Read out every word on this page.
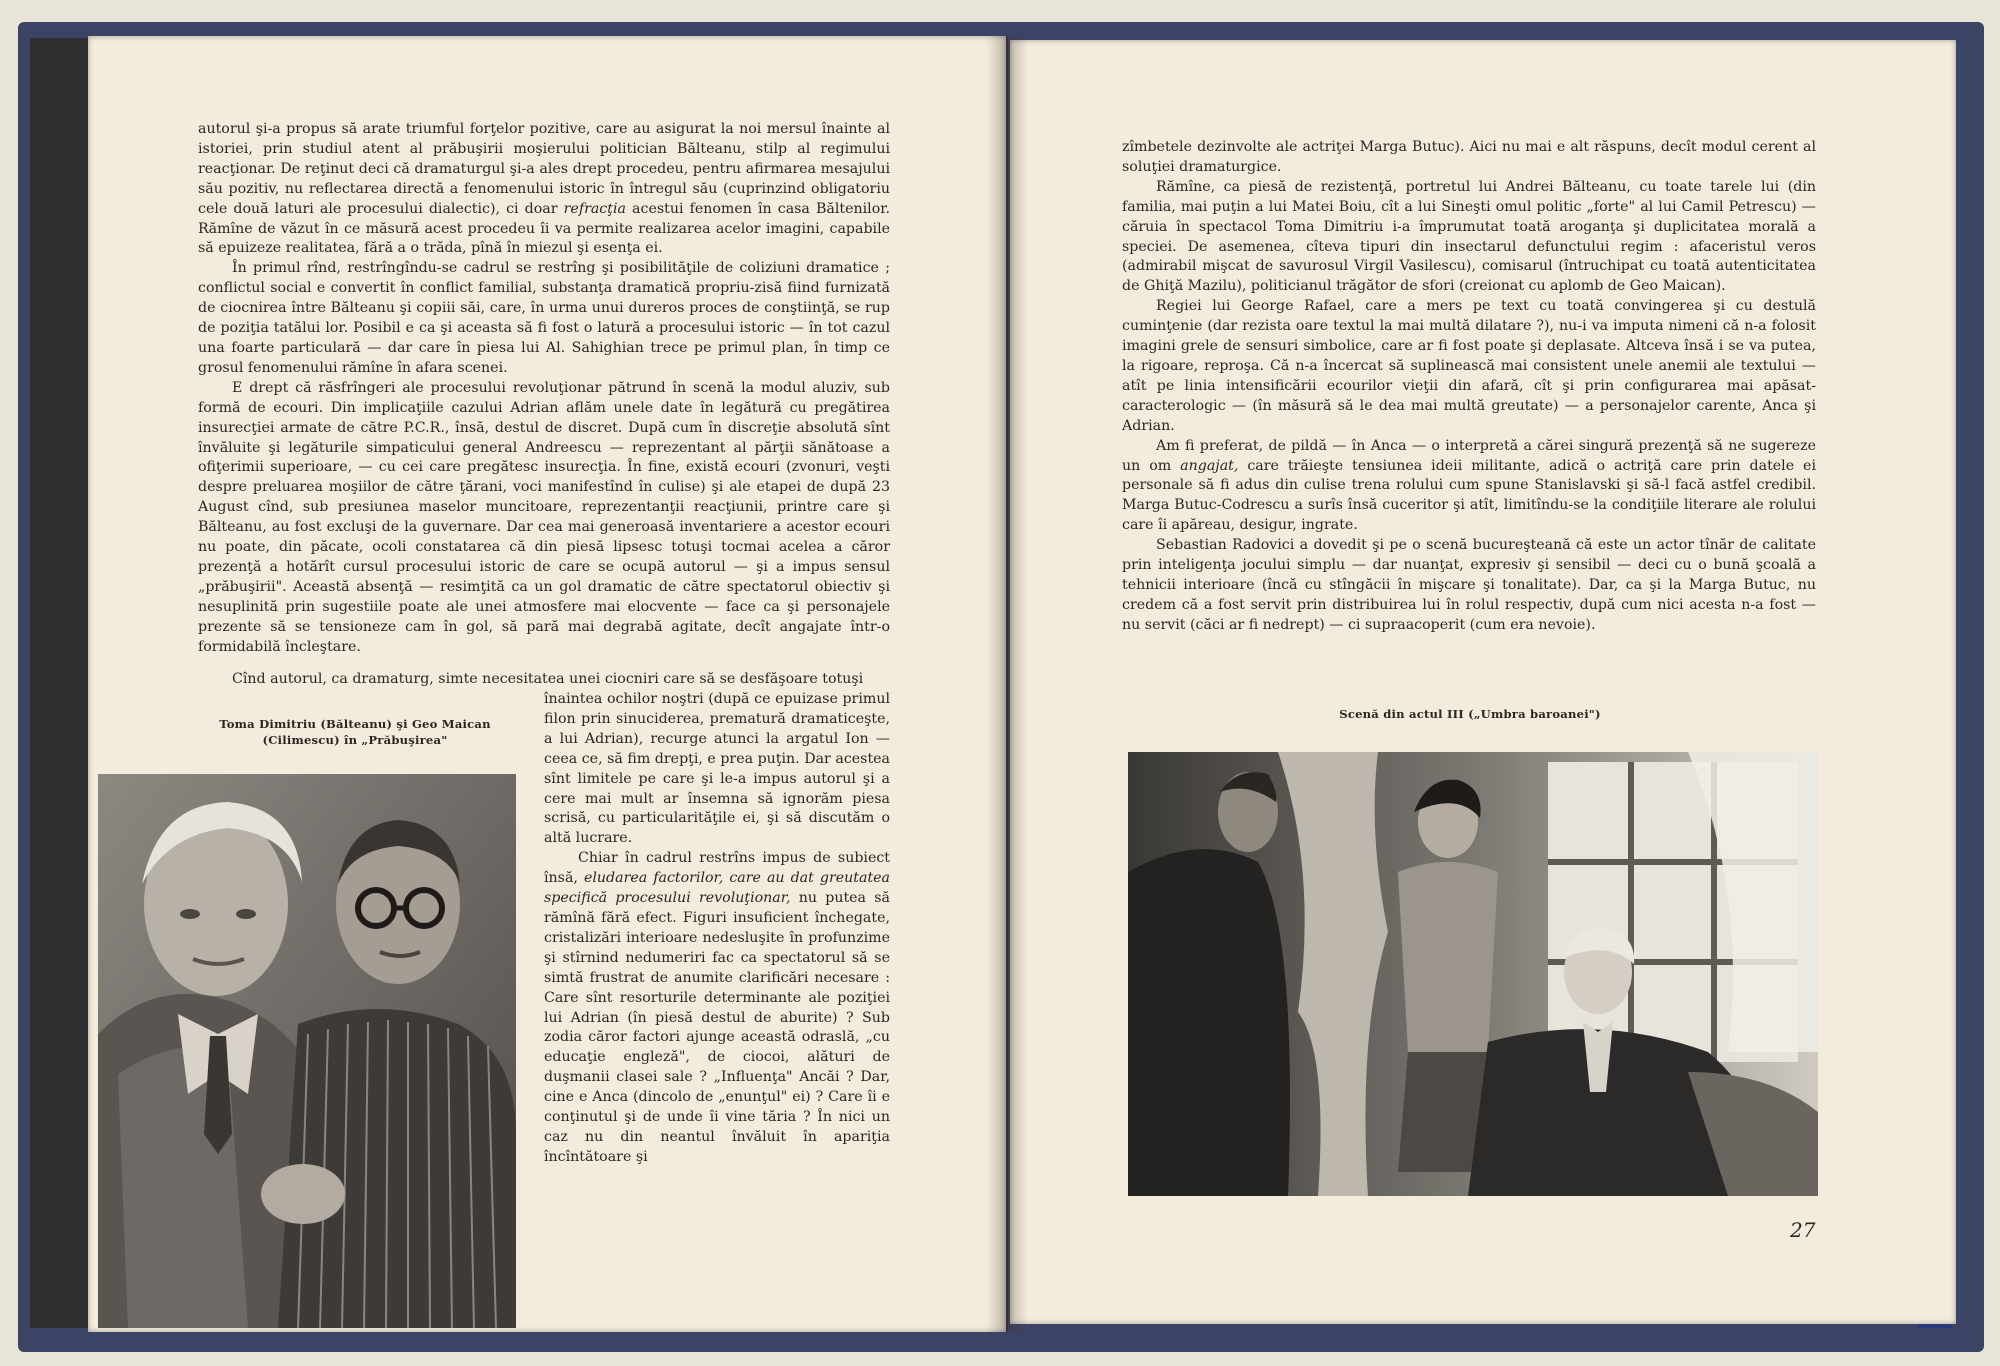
autorul şi-a propus să arate triumful forţelor pozitive, care au asigurat la noi mersul înainte al istoriei, prin studiul atent al prăbuşirii moşierului politician Bălteanu, stilp al regimului reacţionar. De reţinut deci că dramaturgul şi-a ales drept procedeu, pentru afirmarea mesajului său pozitiv, nu reflectarea directă a fenomenului istoric în întregul său (cuprinzind obligatoriu cele două laturi ale procesului dialectic), ci doar refracţia acestui fenomen în casa Băltenilor. Rămîne de văzut în ce măsură acest procedeu îi va permite realizarea acelor imagini, capabile să epuizeze realitatea, fără a o trăda, pînă în miezul şi esenţa ei.

În primul rînd, restrîngîndu-se cadrul se restrîng şi posibilităţile de coliziuni dramatice ; conflictul social e convertit în conflict familial, substanţa dramatică propriu-zisă fiind furnizată de ciocnirea între Bălteanu şi copiii săi, care, în urma unui dureros proces de conştiinţă, se rup de poziţia tatălui lor. Posibil e ca şi aceasta să fi fost o latură a procesului istoric — în tot cazul una foarte particulară — dar care în piesa lui Al. Sahighian trece pe primul plan, în timp ce grosul fenomenului rămîne în afara scenei.

E drept că răsfrîngeri ale procesului revoluţionar pătrund în scenă la modul aluziv, sub formă de ecouri. Din implicaţiile cazului Adrian aflăm unele date în legătură cu pregătirea insurecţiei armate de către P.C.R., însă, destul de discret. După cum în discreţie absolută sînt învăluite şi legăturile simpaticului general Andreescu — reprezentant al părţii sănătoase a ofiţerimii superioare, — cu cei care pregătesc insurecţia. În fine, există ecouri (zvonuri, veşti despre preluarea moşiilor de către ţărani, voci manifestînd în culise) şi ale etapei de după 23 August cînd, sub presiunea maselor muncitoare, reprezentanţii reacţiunii, printre care şi Bălteanu, au fost excluşi de la guvernare. Dar cea mai generoasă inventariere a acestor ecouri nu poate, din păcate, ocoli constatarea că din piesă lipsesc totuşi tocmai acelea a căror prezenţă a hotărît cursul procesului istoric de care se ocupă autorul — şi a impus sensul „prăbuşirii". Această absenţă — resimţită ca un gol dramatic de către spectatorul obiectiv şi nesuplinită prin sugestiile poate ale unei atmosfere mai elocvente — face ca şi personajele prezente să se tensioneze cam în gol, să pară mai degrabă agitate, decît angajate într-o formidabilă încleştare.

Cînd autorul, ca dramaturg, simte necesitatea unei ciocniri care să se desfăşoare totuşi

înaintea ochilor noştri (după ce epuizase primul filon prin sinuciderea, prematură dramaticeşte, a lui Adrian), recurge atunci la argatul Ion — ceea ce, să fim drepţi, e prea puţin. Dar acestea sînt limitele pe care şi le-a impus autorul şi a cere mai mult ar însemna să ignorăm piesa scrisă, cu particularităţile ei, şi să discutăm o altă lucrare.

Chiar în cadrul restrîns impus de subiect însă, eludarea factorilor, care au dat greutatea specifică procesului revoluţionar, nu putea să rămînă fără efect. Figuri insuficient închegate, cristalizări interioare nedesluşite în profunzime şi stîrnind nedumeriri fac ca spectatorul să se simtă frustrat de anumite clarificări necesare : Care sînt resorturile determinante ale poziţiei lui Adrian (în piesă destul de aburite) ? Sub zodia căror factori ajunge această odraslă, „cu educaţie engleză", de ciocoi, alături de duşmanii clasei sale ? „Influenţa" Ancăi ? Dar, cine e Anca (dincolo de „enunţul" ei) ? Care îi e conţinutul şi de unde îi vine tăria ? În nici un caz nu din neantul învăluit în apariţia încîntătoare şi

Toma Dimitriu (Bălteanu) şi Geo Maican (Cilimescu) în „Prăbuşirea"

zîmbetele dezinvolte ale actriţei Marga Butuc). Aici nu mai e alt răspuns, decît modul cerent al soluţiei dramaturgice.

Rămîne, ca piesă de rezistenţă, portretul lui Andrei Bălteanu, cu toate tarele lui (din familia, mai puţin a lui Matei Boiu, cît a lui Sineşti omul politic „forte" al lui Camil Petrescu) — căruia în spectacol Toma Dimitriu i-a împrumutat toată aroganţa şi duplicitatea morală a speciei. De asemenea, cîteva tipuri din insectarul defunctului regim : afaceristul veros (admirabil mişcat de savurosul Virgil Vasilescu), comisarul (întruchipat cu toată autenticitatea de Ghiţă Mazilu), politicianul trăgător de sfori (creionat cu aplomb de Geo Maican).

Regiei lui George Rafael, care a mers pe text cu toată convingerea şi cu destulă cuminţenie (dar rezista oare textul la mai multă dilatare ?), nu-i va imputa nimeni că n-a folosit imagini grele de sensuri simbolice, care ar fi fost poate şi deplasate. Altceva însă i se va putea, la rigoare, reproşa. Că n-a încercat să suplinească mai consistent unele anemii ale textului — atît pe linia intensificării ecourilor vieţii din afară, cît şi prin configurarea mai apăsat-caracterologic — (în măsură să le dea mai multă greutate) — a personajelor carente, Anca şi Adrian.

Am fi preferat, de pildă — în Anca — o interpretă a cărei singură prezenţă să ne sugereze un om angajat, care trăieşte tensiunea ideii militante, adică o actriţă care prin datele ei personale să fi adus din culise trena rolului cum spune Stanislavski şi să-l facă astfel credibil. Marga Butuc-Codrescu a surîs însă cuceritor şi atît, limitîndu-se la condiţiile literare ale rolului care îi apăreau, desigur, ingrate.

Sebastian Radovici a dovedit şi pe o scenă bucureşteană că este un actor tînăr de calitate prin inteligenţa jocului simplu — dar nuanţat, expresiv şi sensibil — deci cu o bună şcoală a tehnicii interioare (încă cu stîngăcii în mişcare şi tonalitate). Dar, ca şi la Marga Butuc, nu credem că a fost servit prin distribuirea lui în rolul respectiv, după cum nici acesta n-a fost — nu servit (căci ar fi nedrept) — ci supraacoperit (cum era nevoie).

Scenă din actul III („Umbra baroanei")
27
